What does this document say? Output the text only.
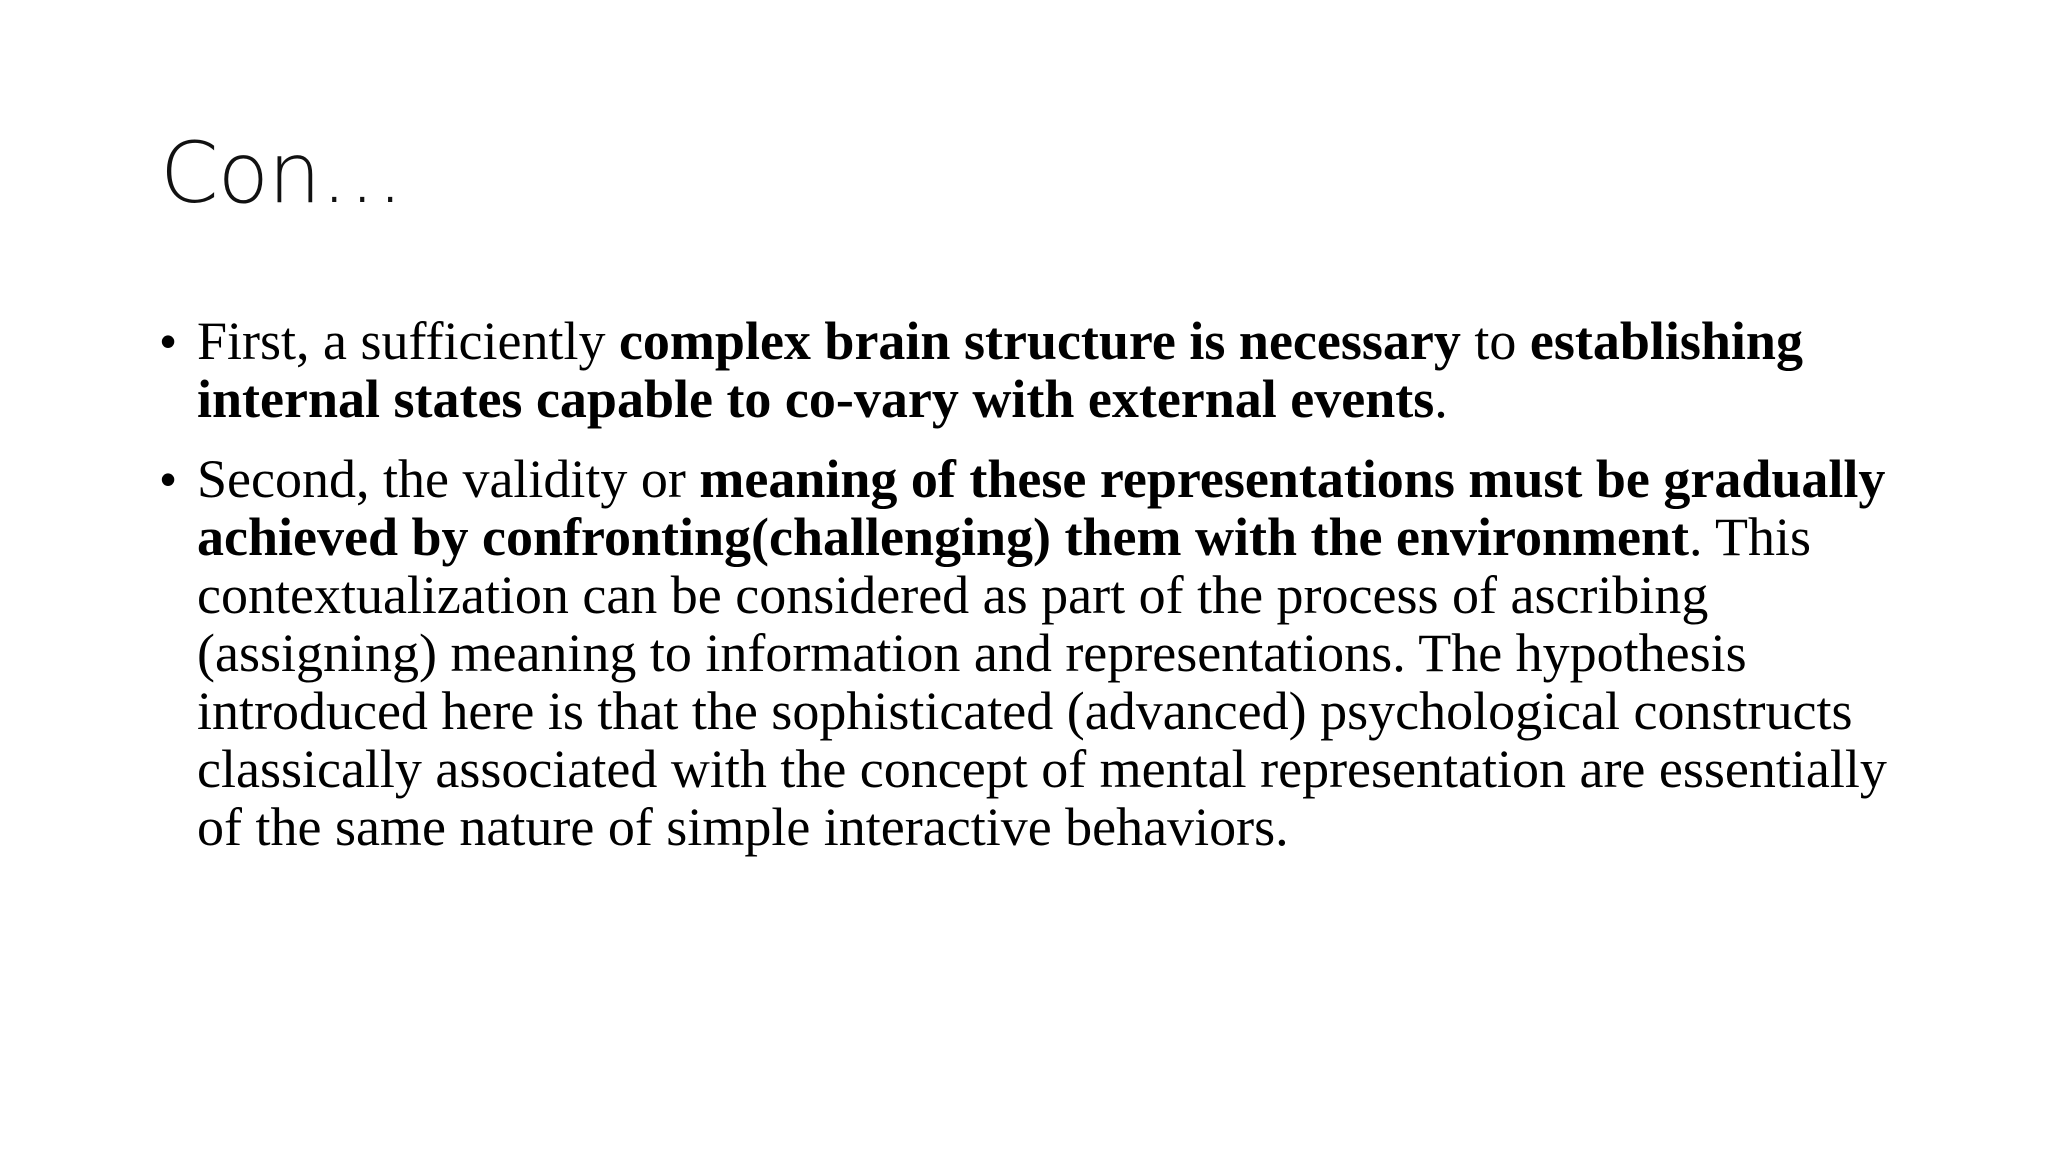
Con…
• First, a sufficiently complex brain structure is necessary to establishing internal states capable to co-vary with external events.
• Second, the validity or meaning of these representations must be gradually achieved by confronting(challenging) them with the environment. This contextualization can be considered as part of the process of ascribing (assigning) meaning to information and representations. The hypothesis introduced here is that the sophisticated (advanced) psychological constructs classically associated with the concept of mental representation are essentially of the same nature of simple interactive behaviors.
